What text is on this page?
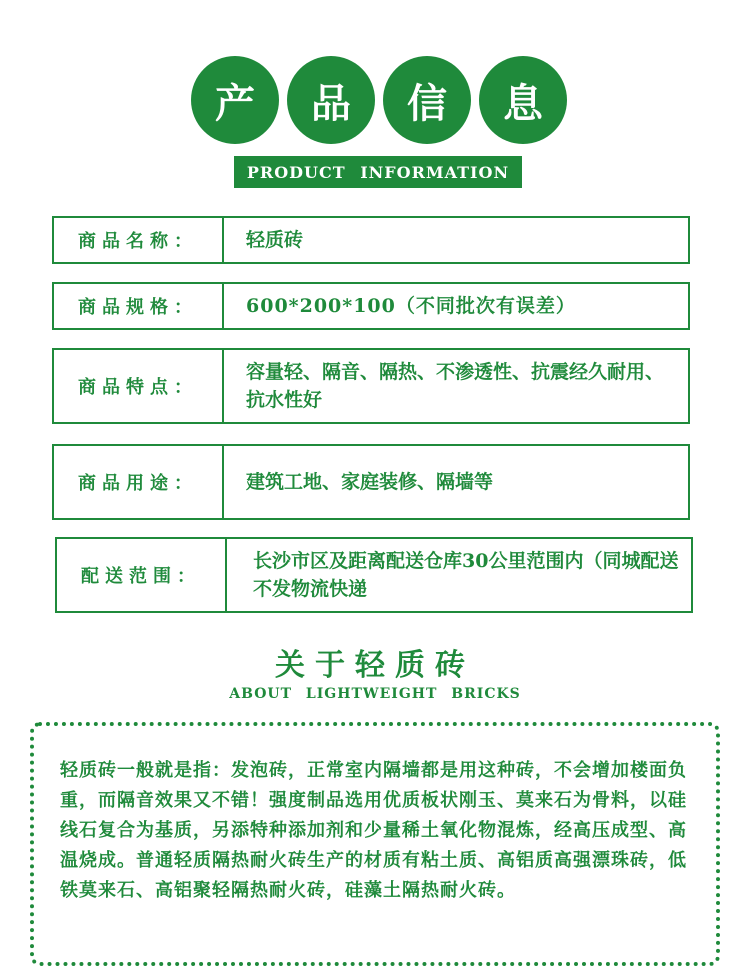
产	品	信	息
PRODUCT INFORMATION
商品名称：	轻质砖
商品规格：	600*200*100（不同批次有误差）
商品特点：
容量轻、隔音、隔热、不渗透性、抗震经久耐用、抗水性好
商品用途：	建筑工地、家庭装修、隔墙等
配送范围：
长沙市区及距离配送仓库30公里范围内（同城配送不发物流快递
关于轻质砖
ABOUT LIGHTWEIGHT BRICKS
轻质砖一般就是指：发泡砖，正常室内隔墙都是用这种砖，不会增加楼面负重，而隔音效果又不错！强度制品选用优质板状刚玉、莫来石为骨料，以硅线石复合为基质，另添特种添加剂和少量稀土氧化物混炼，经高压成型、高温烧成。普通轻质隔热耐火砖生产的材质有粘土质、高铝质高强漂珠砖，低铁莫来石、高铝聚轻隔热耐火砖，硅藻土隔热耐火砖。
